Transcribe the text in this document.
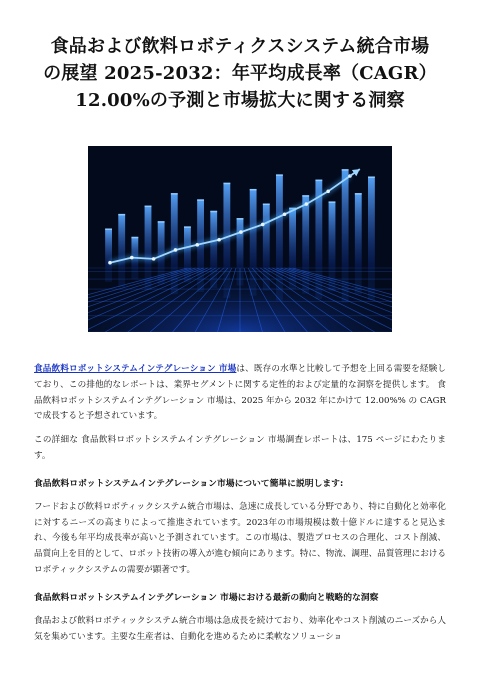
食品および飲料ロボティクスシステム統合市場
の展望 2025-2032：年平均成長率（CAGR）
12.00%の予測と市場拡大に関する洞察

食品飲料ロボットシステムインテグレーション 市場は、既存の水準と比較して予想を上回る需要を経験しており、この排他的なレポートは、業界セグメントに関する定性的および定量的な洞察を提供します。 食品飲料ロボットシステムインテグレーション 市場は、2025 年から 2032 年にかけて 12.00%% の CAGR で成長すると予想されています。

この詳細な 食品飲料ロボットシステムインテグレーション 市場調査レポートは、175 ページにわたります。

食品飲料ロボットシステムインテグレーション市場について簡単に説明します:

フードおよび飲料ロボティックシステム統合市場は、急速に成長している分野であり、特に自動化と効率化に対するニーズの高まりによって推進されています。2023年の市場規模は数十億ドルに達すると見込まれ、今後も年平均成長率が高いと予測されています。この市場は、製造プロセスの合理化、コスト削減、品質向上を目的として、ロボット技術の導入が進む傾向にあります。特に、物流、調理、品質管理におけるロボティックシステムの需要が顕著です。

食品飲料ロボットシステムインテグレーション 市場における最新の動向と戦略的な洞察

食品および飲料ロボティックシステム統合市場は急成長を続けており、効率化やコスト削減のニーズから人気を集めています。主要な生産者は、自動化を進めるために柔軟なソリューショ
